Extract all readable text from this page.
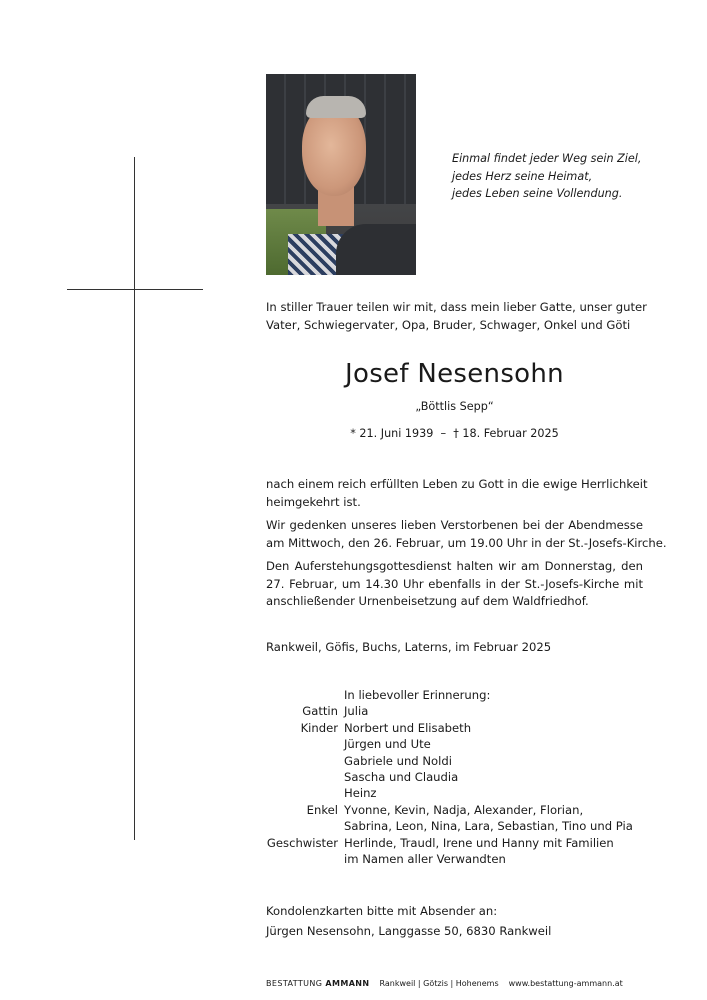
Einmal findet jeder Weg sein Ziel,
jedes Herz seine Heimat,
jedes Leben seine Vollendung.
In stiller Trauer teilen wir mit, dass mein lieber Gatte, unser guter
Vater, Schwiegervater, Opa, Bruder, Schwager, Onkel und Göti
Josef Nesensohn
„Böttlis Sepp“
* 21. Juni 1939  –  † 18. Februar 2025
nach einem reich erfüllten Leben zu Gott in die ewige Herrlichkeit
heimgekehrt ist.
Wir gedenken unseres lieben Verstorbenen bei der Abendmesse
am Mittwoch, den 26. Februar, um 19.00 Uhr in der St.-Josefs-Kirche.
Den Auferstehungsgottesdienst halten wir am Donnerstag, den
27. Februar, um 14.30 Uhr ebenfalls in der St.-Josefs-Kirche mit
anschließender Urnenbeisetzung auf dem Waldfriedhof.
Rankweil, Göfis, Buchs, Laterns, im Februar 2025
In liebevoller Erinnerung:
Gattin Julia
Kinder Norbert und Elisabeth
Jürgen und Ute
Gabriele und Noldi
Sascha und Claudia
Heinz
Enkel Yvonne, Kevin, Nadja, Alexander, Florian,
Sabrina, Leon, Nina, Lara, Sebastian, Tino und Pia
Geschwister Herlinde, Traudl, Irene und Hanny mit Familien
im Namen aller Verwandten
Kondolenzkarten bitte mit Absender an:
Jürgen Nesensohn, Langgasse 50, 6830 Rankweil
BESTATTUNG AMMANN Rankweil | Götzis | Hohenems www.bestattung-ammann.at
